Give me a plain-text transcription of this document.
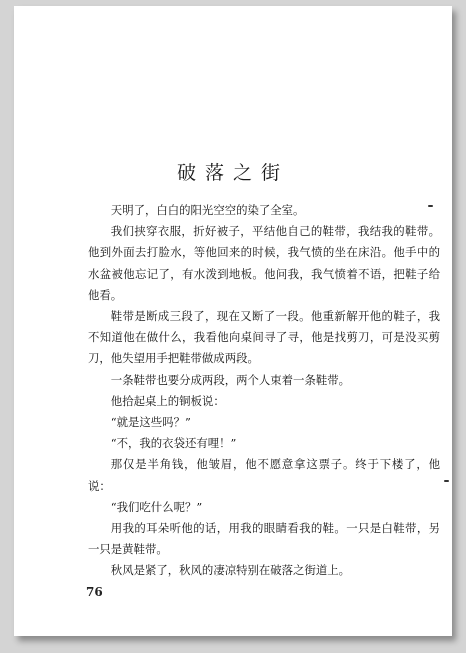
破落之街

天明了，白白的阳光空空的染了全室。

我们挟穿衣服，折好被子，平结他自己的鞋带，我结我的鞋带。他到外面去打脸水，等他回来的时候，我气愤的坐在床沿。他手中的水盆被他忘记了，有水泼到地板。他问我，我气愤着不语，把鞋子给他看。

鞋带是断成三段了，现在又断了一段。他重新解开他的鞋子，我不知道他在做什么，我看他向桌间寻了寻，他是找剪刀，可是没买剪刀，他失望用手把鞋带做成两段。

一条鞋带也要分成两段，两个人束着一条鞋带。

他拾起桌上的铜板说：

“就是这些吗？”

“不，我的衣袋还有哩！”

那仅是半角钱，他皱眉，他不愿意拿这票子。终于下楼了，他说：

“我们吃什么呢？”

用我的耳朵听他的话，用我的眼睛看我的鞋。一只是白鞋带，另一只是黄鞋带。

秋风是紧了，秋风的凄凉特别在破落之街道上。

76
